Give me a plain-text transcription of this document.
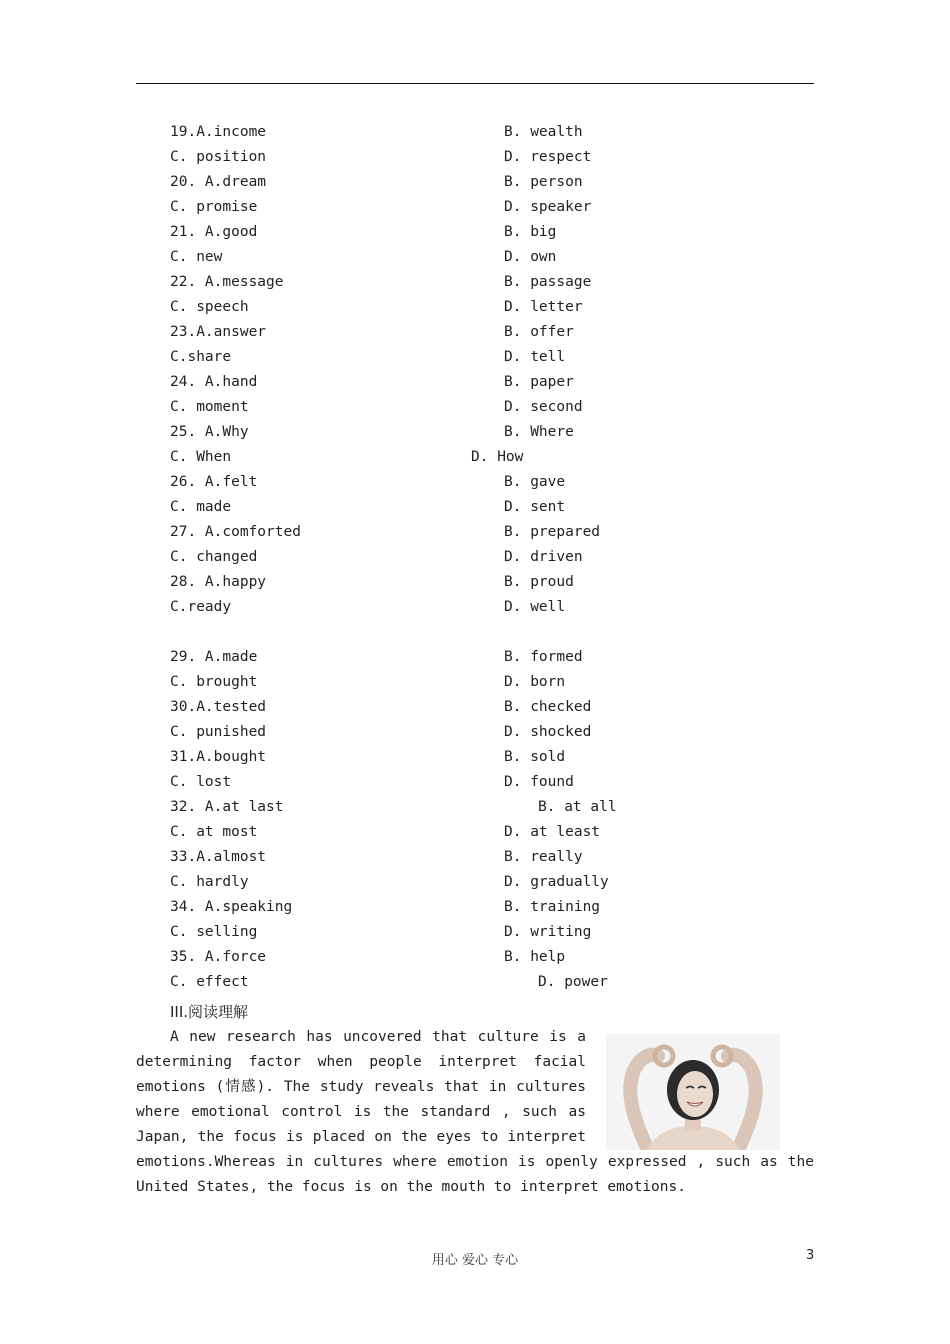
19.A.income	B. wealth
C. position	D. respect
20. A.dream	B. person
C. promise	D. speaker
21. A.good	B. big
C. new	D. own
22. A.message	B. passage
C. speech	D. letter
23.A.answer	B. offer
C.share	D. tell
24. A.hand	B. paper
C. moment	D. second
25. A.Why	B. Where
C. When	D. How
26. A.felt	B. gave
C. made	D. sent
27. A.comforted	B. prepared
C. changed	D. driven
28. A.happy	B. proud
C.ready	D. well
29. A.made	B. formed
C. brought	D. born
30.A.tested	B. checked
C. punished	D. shocked
31.A.bought	B. sold
C. lost	D. found
32. A.at last	B. at all
C. at most	D. at least
33.A.almost	B. really
C. hardly	D. gradually
34. A.speaking	B. training
C. selling	D. writing
35. A.force	B. help
C. effect	D. power
III.阅读理解
A new research has uncovered that culture is a
determining factor when people interpret facial
emotions (情感). The study reveals that in cultures
where emotional control is the standard , such as
Japan, the focus is placed on the eyes to interpret
emotions.Whereas in cultures where emotion is openly expressed , such as the
United States, the focus is on the mouth to interpret emotions.
用心 爱心 专心	3
